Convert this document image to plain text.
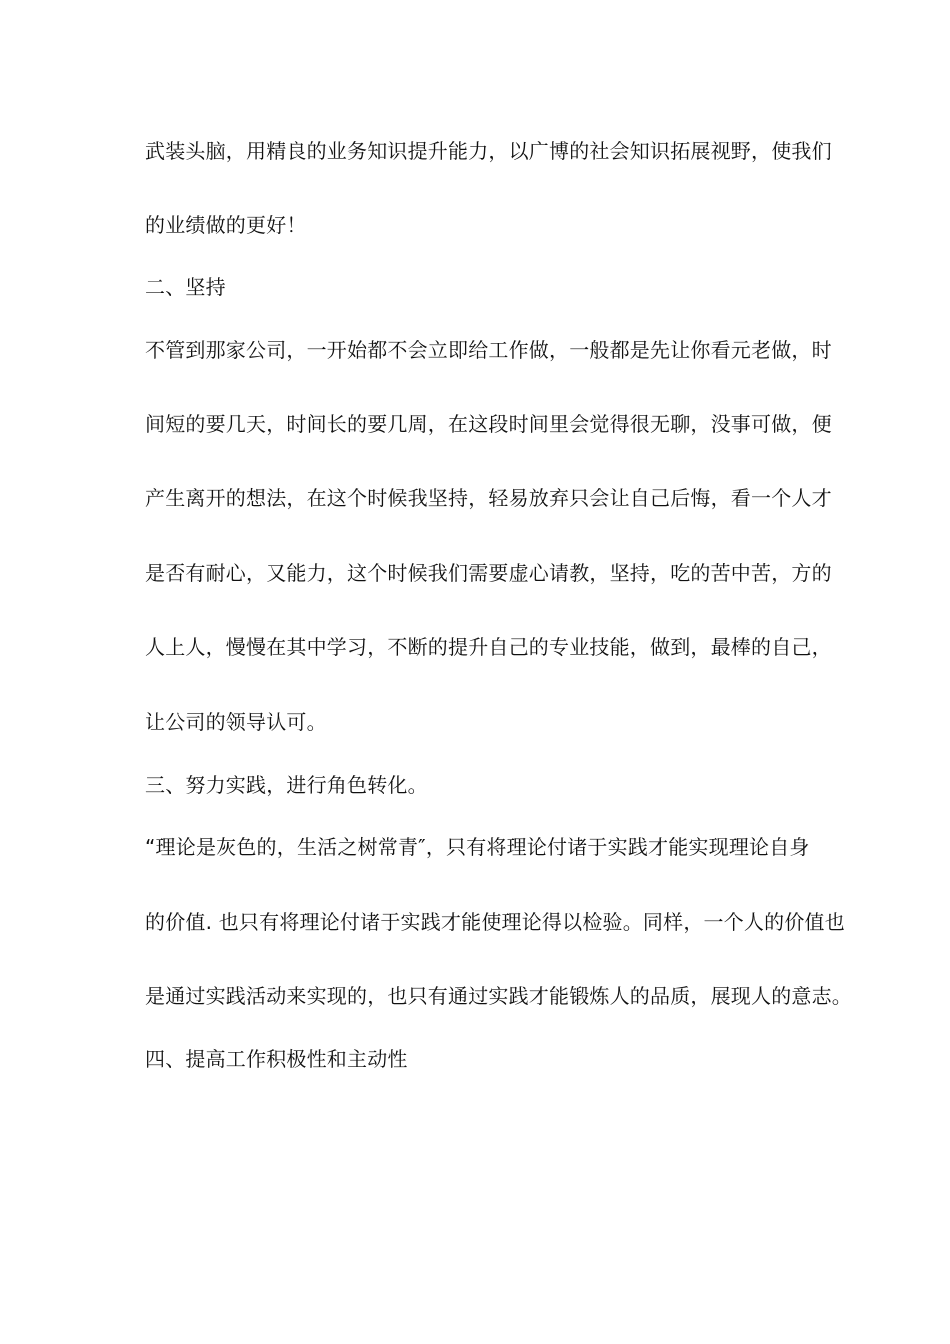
武装头脑，用精良的业务知识提升能力，以广博的社会知识拓展视野，使我们
的业绩做的更好！
二、坚持
不管到那家公司，一开始都不会立即给工作做，一般都是先让你看元老做，时
间短的要几天，时间长的要几周，在这段时间里会觉得很无聊，没事可做，便
产生离开的想法，在这个时候我坚持，轻易放弃只会让自己后悔，看一个人才
是否有耐心，又能力，这个时候我们需要虚心请教，坚持，吃的苦中苦，方的
人上人，慢慢在其中学习，不断的提升自己的专业技能，做到，最棒的自己，
让公司的领导认可。
三、努力实践，进行角色转化。
“理论是灰色的，生活之树常青″，只有将理论付诸于实践才能实现理论自身
的价值. 也只有将理论付诸于实践才能使理论得以检验。同样，一个人的价值也
是通过实践活动来实现的，也只有通过实践才能锻炼人的品质，展现人的意志。
四、提高工作积极性和主动性
